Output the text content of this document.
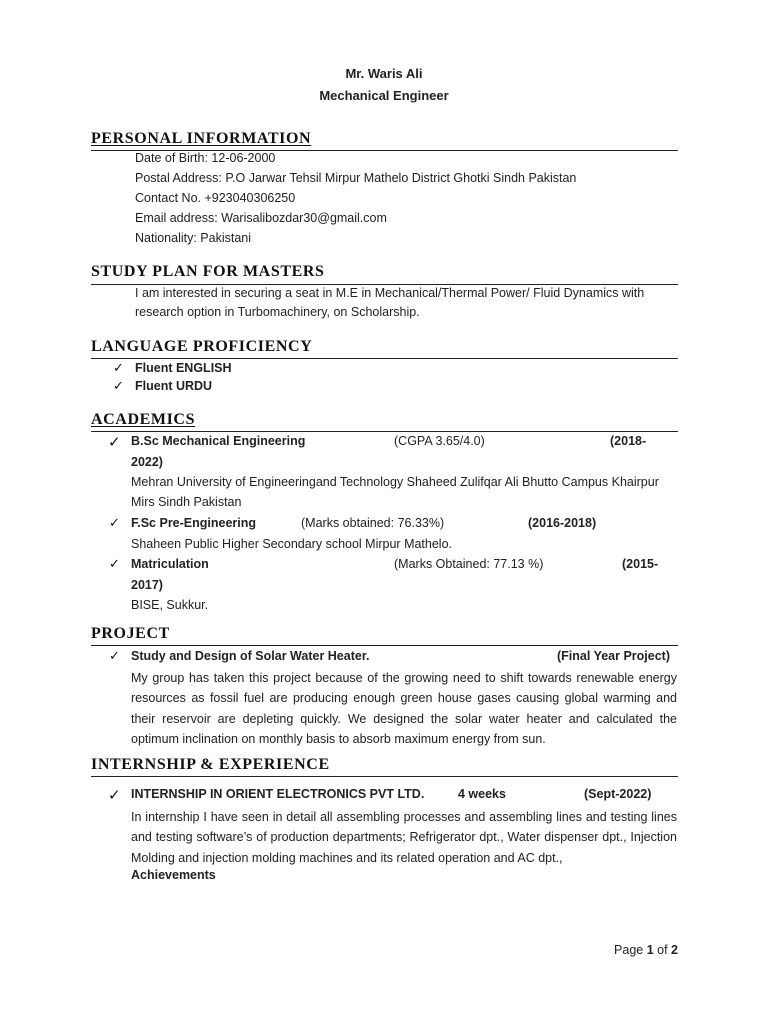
Mr. Waris Ali
Mechanical Engineer
PERSONAL INFORMATION
Date of Birth: 12-06-2000
Postal Address: P.O Jarwar Tehsil Mirpur Mathelo District Ghotki Sindh Pakistan
Contact No. +923040306250
Email address: Warisalibozdar30@gmail.com
Nationality: Pakistani
STUDY PLAN FOR MASTERS
I am interested in securing a seat in M.E in Mechanical/Thermal Power/ Fluid Dynamics with
research option in Turbomachinery, on Scholarship.
LANGUAGE PROFICIENCY
✓ Fluent ENGLISH
✓ Fluent URDU
ACADEMICS
✓ B.Sc Mechanical Engineering	(CGPA 3.65/4.0)	(2018-
2022)
Mehran University of Engineeringand Technology Shaheed Zulifqar Ali Bhutto Campus Khairpur
Mirs Sindh Pakistan
✓ F.Sc Pre-Engineering	(Marks obtained: 76.33%)	(2016-2018)
Shaheen Public Higher Secondary school Mirpur Mathelo.
✓ Matriculation	(Marks Obtained: 77.13 %)	(2015-
2017)
BISE, Sukkur.
PROJECT
✓ Study and Design of Solar Water Heater.	(Final Year Project)
My group has taken this project because of the growing need to shift towards renewable energy resources as fossil fuel are producing enough green house gases causing global warming and their reservoir are depleting quickly. We designed the solar water heater and calculated the optimum inclination on monthly basis to absorb maximum energy from sun.
INTERNSHIP & EXPERIENCE
✓ INTERNSHIP IN ORIENT ELECTRONICS PVT LTD.	4 weeks	(Sept-2022)
In internship I have seen in detail all assembling processes and assembling lines and testing lines and testing software’s of production departments; Refrigerator dpt., Water dispenser dpt., Injection Molding and injection molding machines and its related operation and AC dpt.,
Achievements
Page 1 of 2
